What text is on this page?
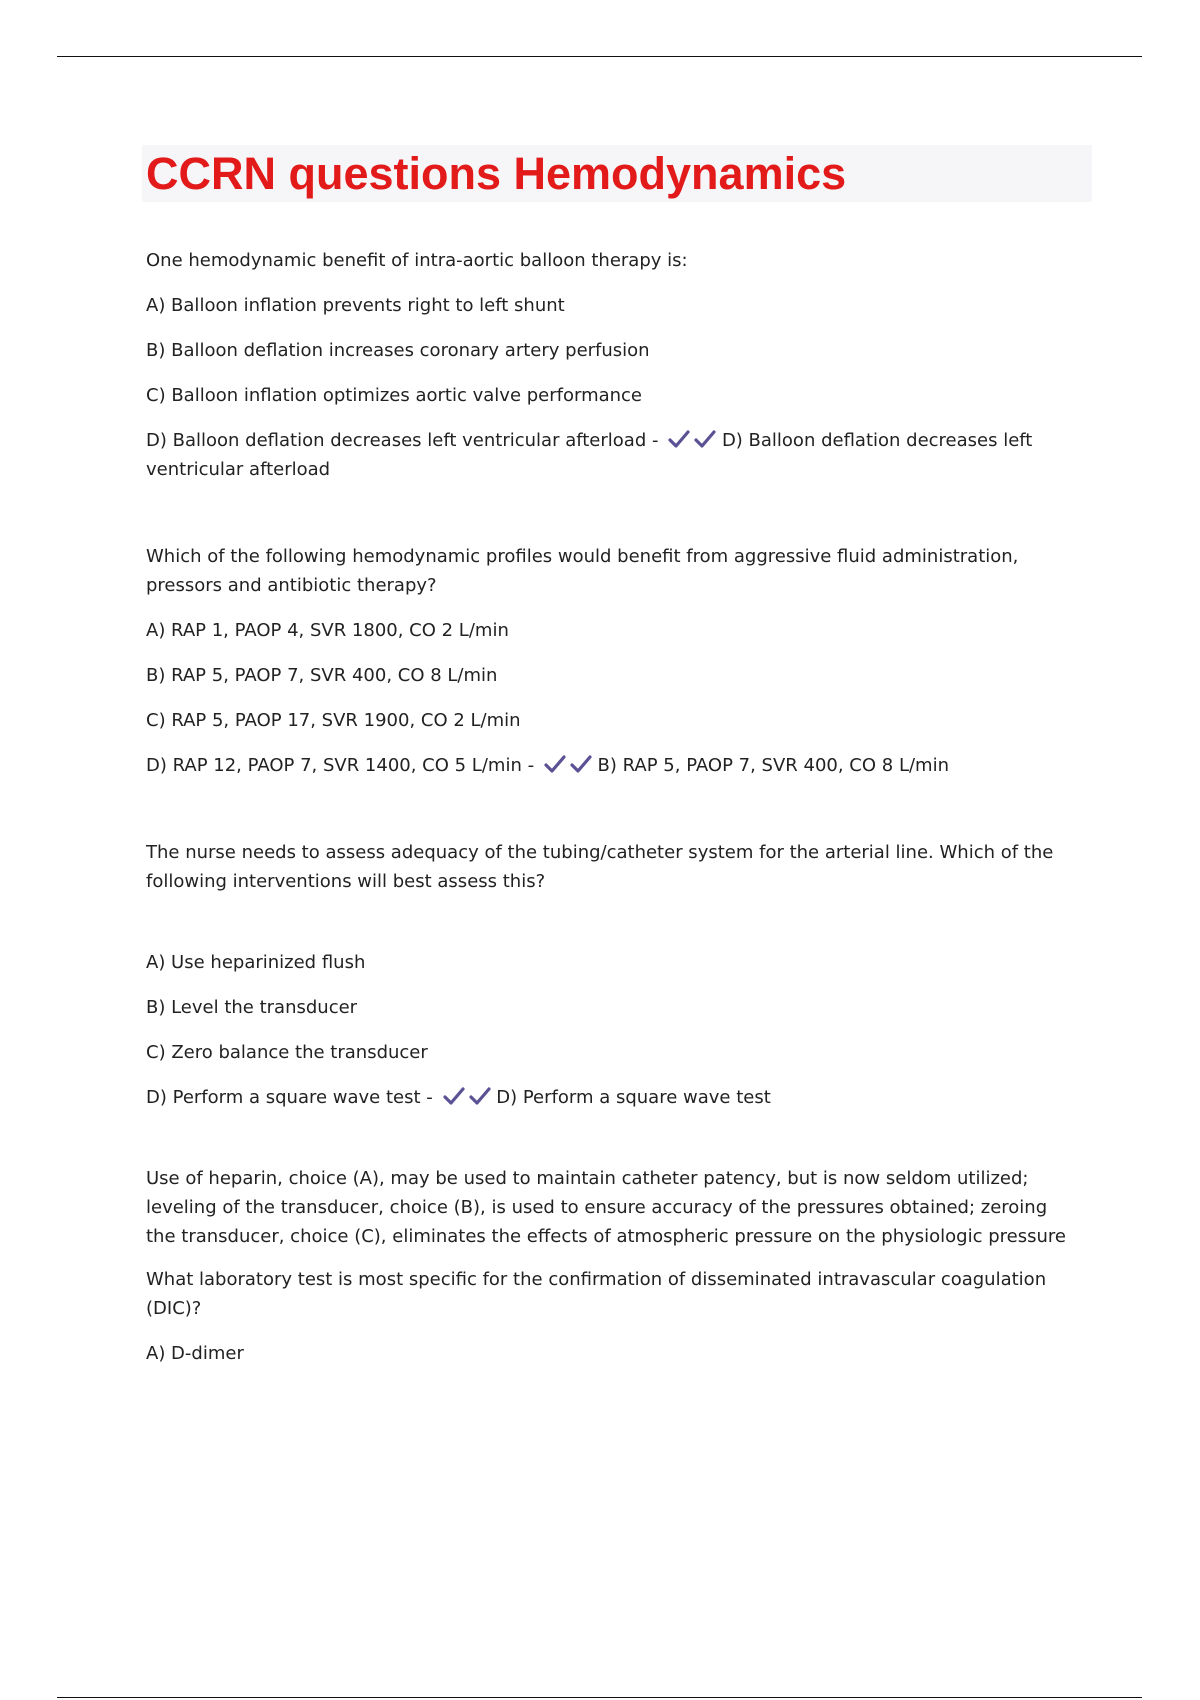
CCRN questions Hemodynamics

One hemodynamic benefit of intra-aortic balloon therapy is:

A) Balloon inflation prevents right to left shunt

B) Balloon deflation increases coronary artery perfusion

C) Balloon inflation optimizes aortic valve performance

D) Balloon deflation decreases left ventricular afterload -	D) Balloon deflation decreases left ventricular afterload

Which of the following hemodynamic profiles would benefit from aggressive fluid administration, pressors and antibiotic therapy?

A) RAP 1, PAOP 4, SVR 1800, CO 2 L/min

B) RAP 5, PAOP 7, SVR 400, CO 8 L/min

C) RAP 5, PAOP 17, SVR 1900, CO 2 L/min

D) RAP 12, PAOP 7, SVR 1400, CO 5 L/min -	B) RAP 5, PAOP 7, SVR 400, CO 8 L/min

The nurse needs to assess adequacy of the tubing/catheter system for the arterial line. Which of the following interventions will best assess this?

A) Use heparinized flush

B) Level the transducer

C) Zero balance the transducer

D) Perform a square wave test -	D) Perform a square wave test

Use of heparin, choice (A), may be used to maintain catheter patency, but is now seldom utilized; leveling of the transducer, choice (B), is used to ensure accuracy of the pressures obtained; zeroing the transducer, choice (C), eliminates the effects of atmospheric pressure on the physiologic pressure

What laboratory test is most specific for the confirmation of disseminated intravascular coagulation (DIC)?

A) D-dimer
